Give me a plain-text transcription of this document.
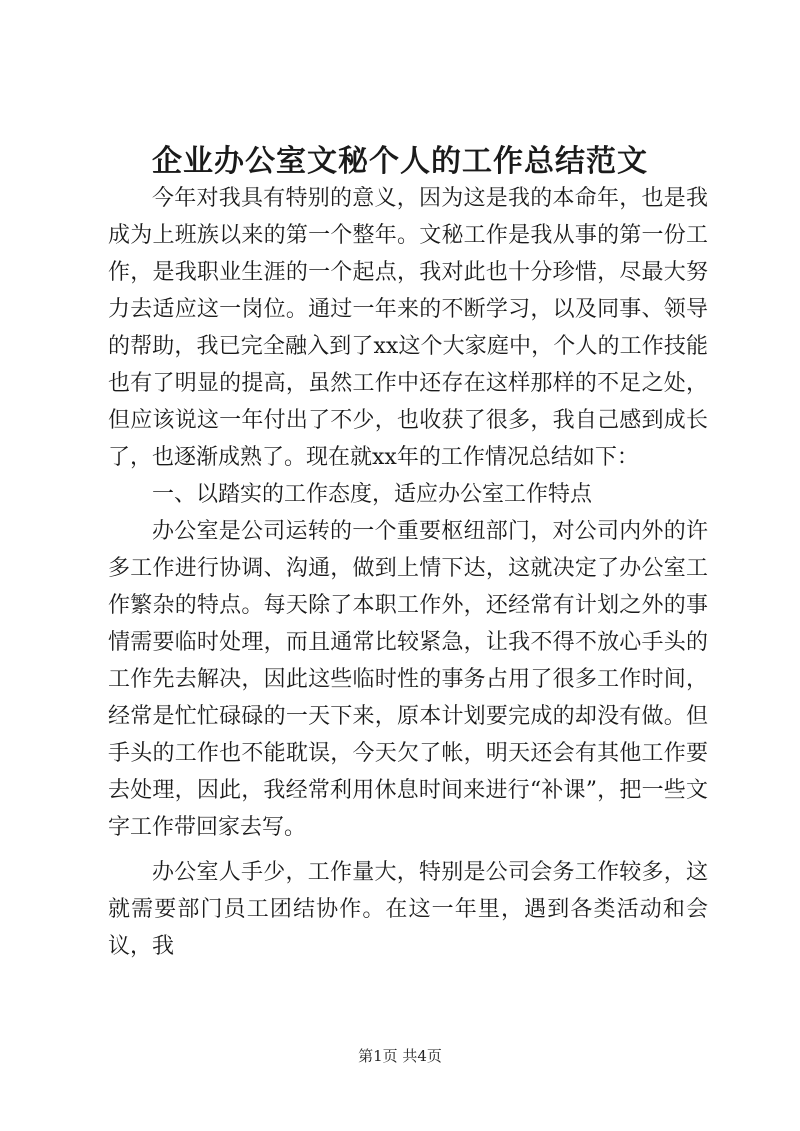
企业办公室文秘个人的工作总结范文

今年对我具有特别的意义，因为这是我的本命年，也是我成为上班族以来的第一个整年。文秘工作是我从事的第一份工作，是我职业生涯的一个起点，我对此也十分珍惜，尽最大努力去适应这一岗位。通过一年来的不断学习，以及同事、领导的帮助，我已完全融入到了xx这个大家庭中，个人的工作技能也有了明显的提高，虽然工作中还存在这样那样的不足之处，但应该说这一年付出了不少，也收获了很多，我自己感到成长了，也逐渐成熟了。现在就xx年的工作情况总结如下：

一、以踏实的工作态度，适应办公室工作特点

办公室是公司运转的一个重要枢纽部门，对公司内外的许多工作进行协调、沟通，做到上情下达，这就决定了办公室工作繁杂的特点。每天除了本职工作外，还经常有计划之外的事情需要临时处理，而且通常比较紧急，让我不得不放心手头的工作先去解决，因此这些临时性的事务占用了很多工作时间，经常是忙忙碌碌的一天下来，原本计划要完成的却没有做。但手头的工作也不能耽误，今天欠了帐，明天还会有其他工作要去处理，因此，我经常利用休息时间来进行“补课”，把一些文字工作带回家去写。

办公室人手少，工作量大，特别是公司会务工作较多，这就需要部门员工团结协作。在这一年里，遇到各类活动和会议，我

第1页 共4页
